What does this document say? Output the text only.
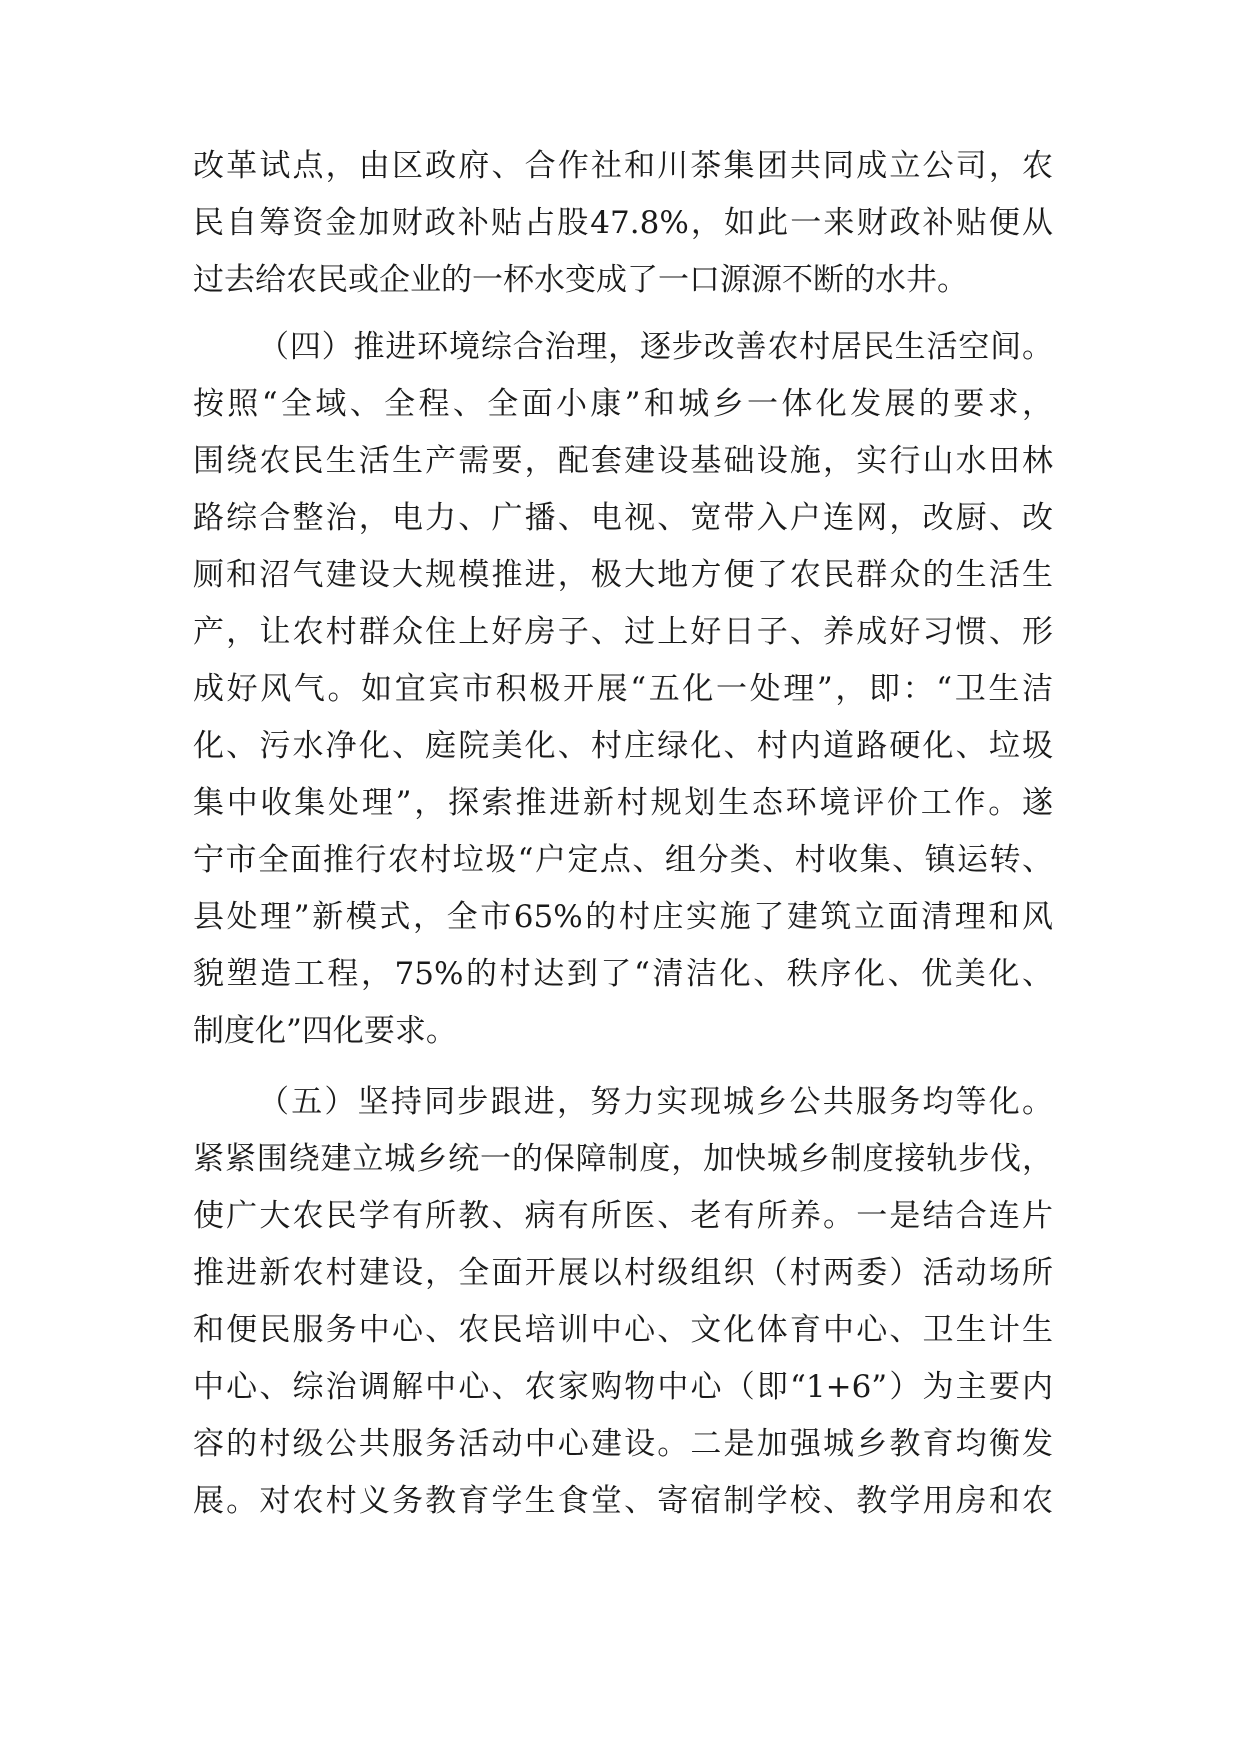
改革试点，由区政府、合作社和川茶集团共同成立公司，农
民自筹资金加财政补贴占股47.8%，如此一来财政补贴便从
过去给农民或企业的一杯水变成了一口源源不断的水井。
（四）推进环境综合治理，逐步改善农村居民生活空间。
按照“全域、全程、全面小康”和城乡一体化发展的要求，
围绕农民生活生产需要，配套建设基础设施，实行山水田林
路综合整治，电力、广播、电视、宽带入户连网，改厨、改
厕和沼气建设大规模推进，极大地方便了农民群众的生活生
产，让农村群众住上好房子、过上好日子、养成好习惯、形
成好风气。如宜宾市积极开展“五化一处理”，即：“卫生洁
化、污水净化、庭院美化、村庄绿化、村内道路硬化、垃圾
集中收集处理”，探索推进新村规划生态环境评价工作。遂
宁市全面推行农村垃圾“户定点、组分类、村收集、镇运转、
县处理”新模式，全市65%的村庄实施了建筑立面清理和风
貌塑造工程，75%的村达到了“清洁化、秩序化、优美化、
制度化”四化要求。
（五）坚持同步跟进，努力实现城乡公共服务均等化。
紧紧围绕建立城乡统一的保障制度，加快城乡制度接轨步伐，
使广大农民学有所教、病有所医、老有所养。一是结合连片
推进新农村建设，全面开展以村级组织（村两委）活动场所
和便民服务中心、农民培训中心、文化体育中心、卫生计生
中心、综治调解中心、农家购物中心（即“1+6”）为主要内
容的村级公共服务活动中心建设。二是加强城乡教育均衡发
展。对农村义务教育学生食堂、寄宿制学校、教学用房和农
